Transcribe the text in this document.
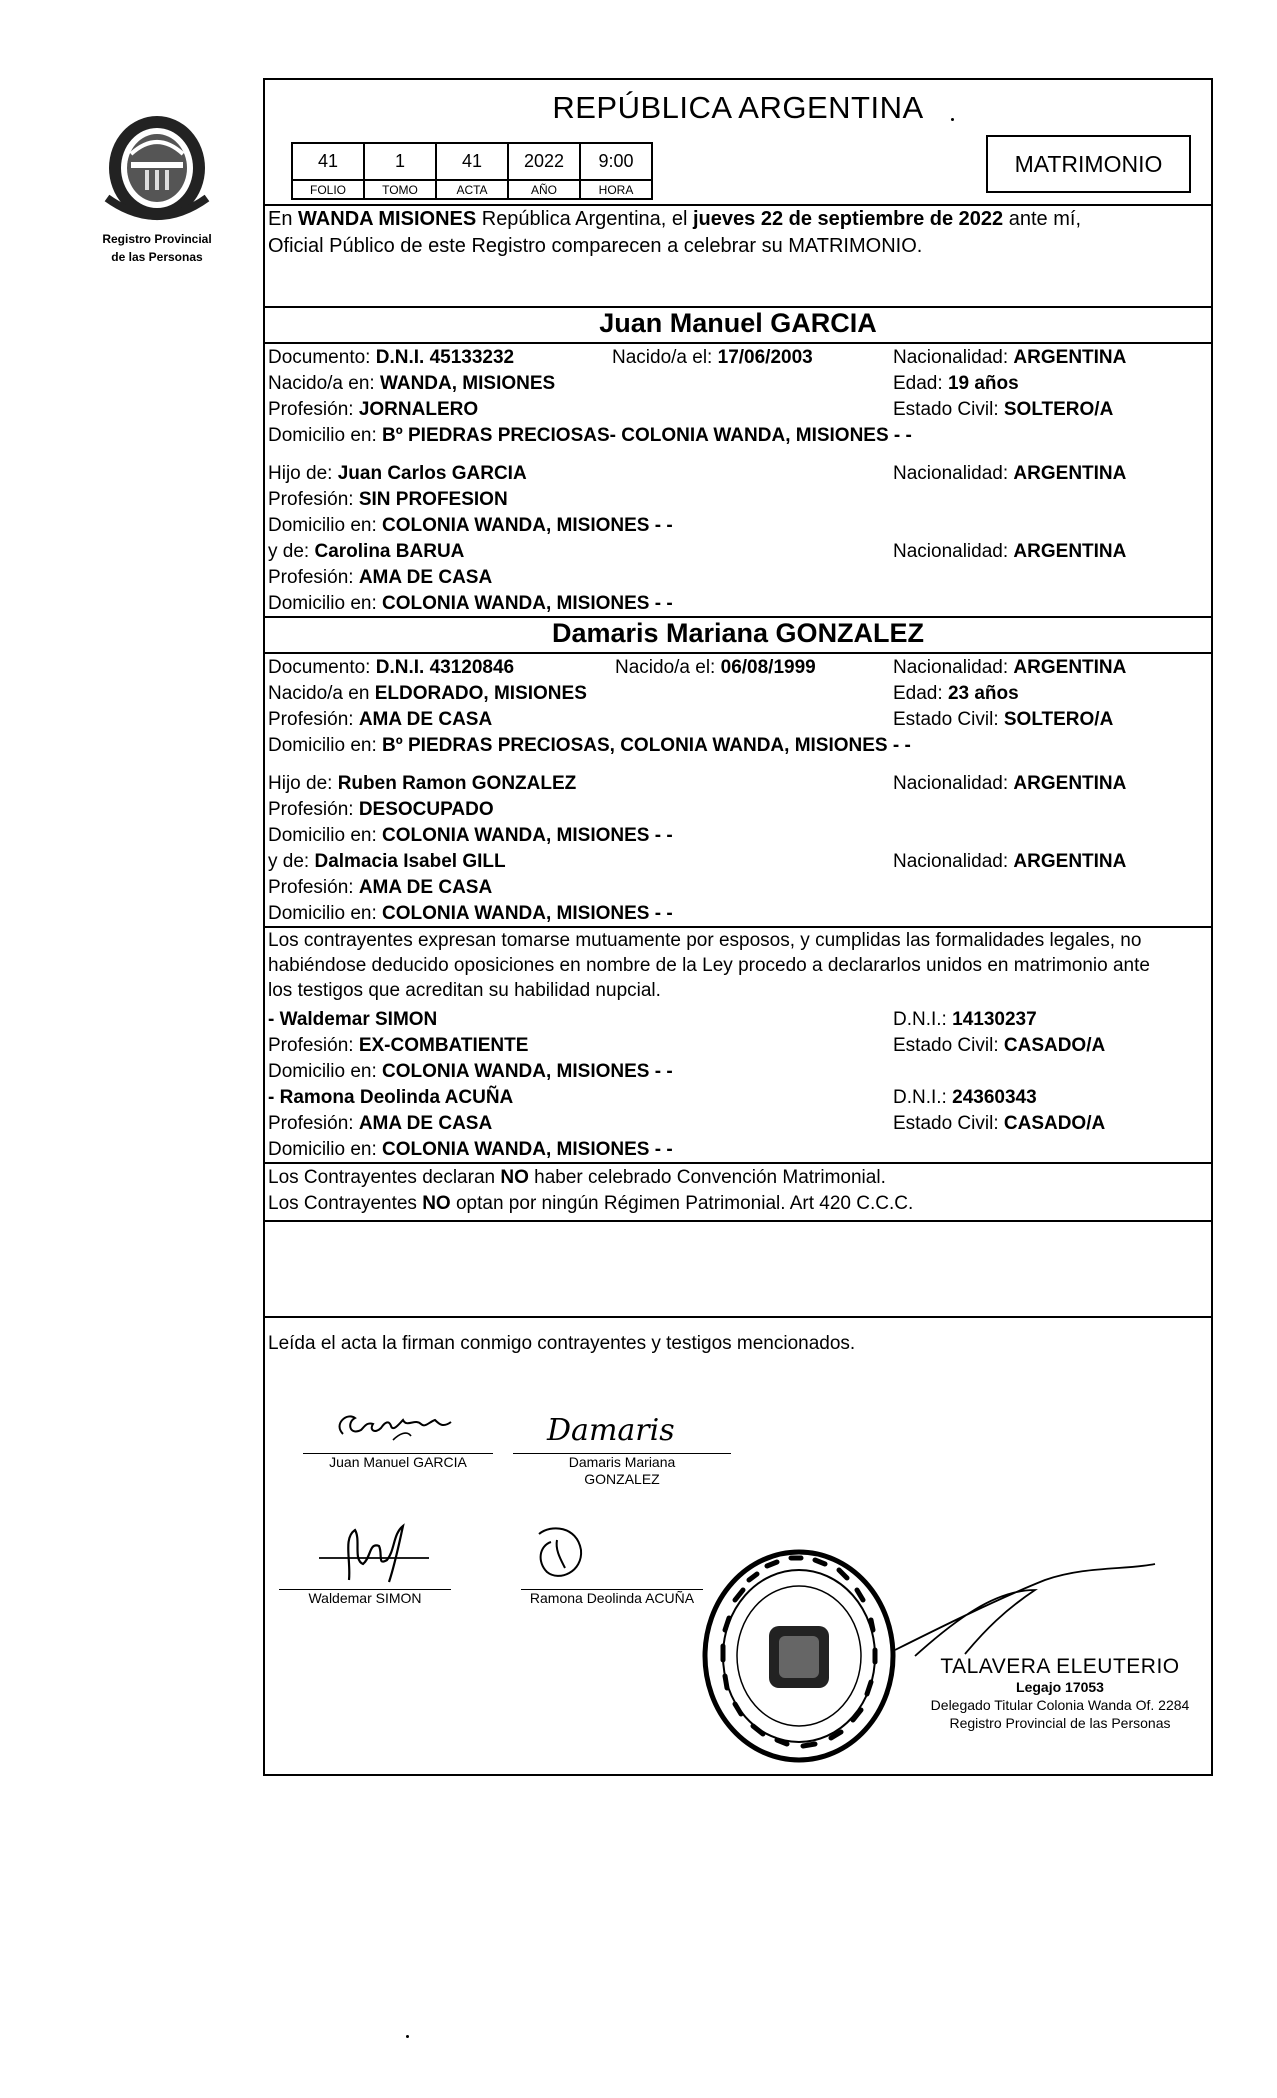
Registro Provincial
de las Personas
REPÚBLICA ARGENTINA
41	1	41	2022	9:00
FOLIO	TOMO	ACTA	AÑO	HORA
MATRIMONIO
En WANDA MISIONES República Argentina, el jueves 22 de septiembre de 2022 ante mí,
Oficial Público de este Registro comparecen a celebrar su MATRIMONIO.
Juan Manuel GARCIA
Documento: D.N.I. 45133232	Nacido/a el: 17/06/2003	Nacionalidad: ARGENTINA
Nacido/a en: WANDA, MISIONES	Edad: 19 años
Profesión: JORNALERO	Estado Civil: SOLTERO/A
Domicilio en: Bº PIEDRAS PRECIOSAS- COLONIA WANDA, MISIONES - -
Hijo de: Juan Carlos GARCIA	Nacionalidad: ARGENTINA
Profesión: SIN PROFESION
Domicilio en: COLONIA WANDA, MISIONES - -
y de: Carolina BARUA	Nacionalidad: ARGENTINA
Profesión: AMA DE CASA
Domicilio en: COLONIA WANDA, MISIONES - -
Damaris Mariana GONZALEZ
Documento: D.N.I. 43120846	Nacido/a el: 06/08/1999	Nacionalidad: ARGENTINA
Nacido/a en ELDORADO, MISIONES	Edad: 23 años
Profesión: AMA DE CASA	Estado Civil: SOLTERO/A
Domicilio en: Bº PIEDRAS PRECIOSAS, COLONIA WANDA, MISIONES - -
Hijo de: Ruben Ramon GONZALEZ	Nacionalidad: ARGENTINA
Profesión: DESOCUPADO
Domicilio en: COLONIA WANDA, MISIONES - -
y de: Dalmacia Isabel GILL	Nacionalidad: ARGENTINA
Profesión: AMA DE CASA
Domicilio en: COLONIA WANDA, MISIONES - -
Los contrayentes expresan tomarse mutuamente por esposos, y cumplidas las formalidades legales, no
habiéndose deducido oposiciones en nombre de la Ley procedo a declararlos unidos en matrimonio ante
los testigos que acreditan su habilidad nupcial.
- Waldemar SIMON	D.N.I.: 14130237
Profesión: EX-COMBATIENTE	Estado Civil: CASADO/A
Domicilio en: COLONIA WANDA, MISIONES - -
- Ramona Deolinda ACUÑA	D.N.I.: 24360343
Profesión: AMA DE CASA	Estado Civil: CASADO/A
Domicilio en: COLONIA WANDA, MISIONES - -
Los Contrayentes declaran NO haber celebrado Convención Matrimonial.
Los Contrayentes NO optan por ningún Régimen Patrimonial. Art 420 C.C.C.
Leída el acta la firman conmigo contrayentes y testigos mencionados.
Juan Manuel GARCIA
Damaris
Damaris Mariana
GONZALEZ
Waldemar SIMON	Ramona Deolinda ACUÑA
TALAVERA ELEUTERIO
Legajo 17053
Delegado Titular Colonia Wanda Of. 2284
Registro Provincial de las Personas
